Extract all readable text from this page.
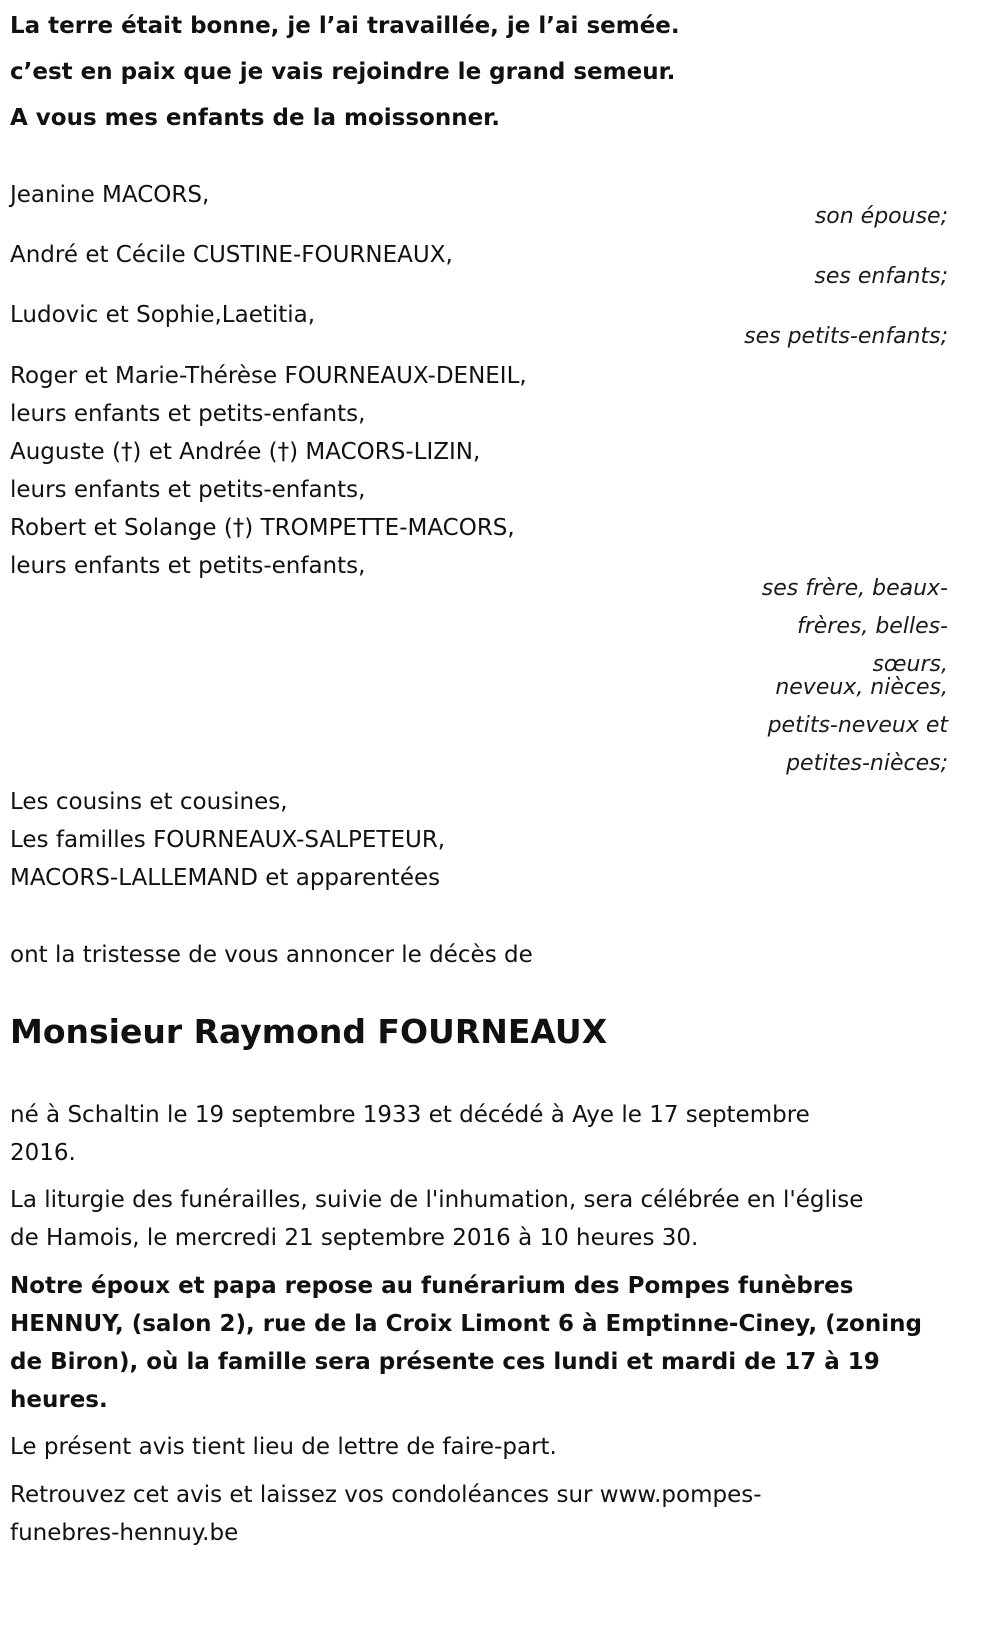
La terre était bonne, je l’ai travaillée, je l’ai semée.
c’est en paix que je vais rejoindre le grand semeur.
A vous mes enfants de la moissonner.
Jeanine MACORS,
son épouse;
André et Cécile CUSTINE-FOURNEAUX,
ses enfants;
Ludovic et Sophie,Laetitia,
ses petits-enfants;
Roger et Marie-Thérèse FOURNEAUX-DENEIL,
leurs enfants et petits-enfants,
Auguste (†) et Andrée (†) MACORS-LIZIN,
leurs enfants et petits-enfants,
Robert et Solange (†) TROMPETTE-MACORS,
leurs enfants et petits-enfants,
ses frère, beaux-
frères, belles-
sœurs,
neveux, nièces,
petits-neveux et
petites-nièces;
Les cousins et cousines,
Les familles FOURNEAUX-SALPETEUR,
MACORS-LALLEMAND et apparentées
ont la tristesse de vous annoncer le décès de
Monsieur Raymond FOURNEAUX
né à Schaltin le 19 septembre 1933 et décédé à Aye le 17 septembre
2016.
La liturgie des funérailles, suivie de l'inhumation, sera célébrée en l'église
de Hamois, le mercredi 21 septembre 2016 à 10 heures 30.
Notre époux et papa repose au funérarium des Pompes funèbres
HENNUY, (salon 2), rue de la Croix Limont 6 à Emptinne-Ciney, (zoning
de Biron), où la famille sera présente ces lundi et mardi de 17 à 19
heures.
Le présent avis tient lieu de lettre de faire-part.
Retrouvez cet avis et laissez vos condoléances sur www.pompes-
funebres-hennuy.be
